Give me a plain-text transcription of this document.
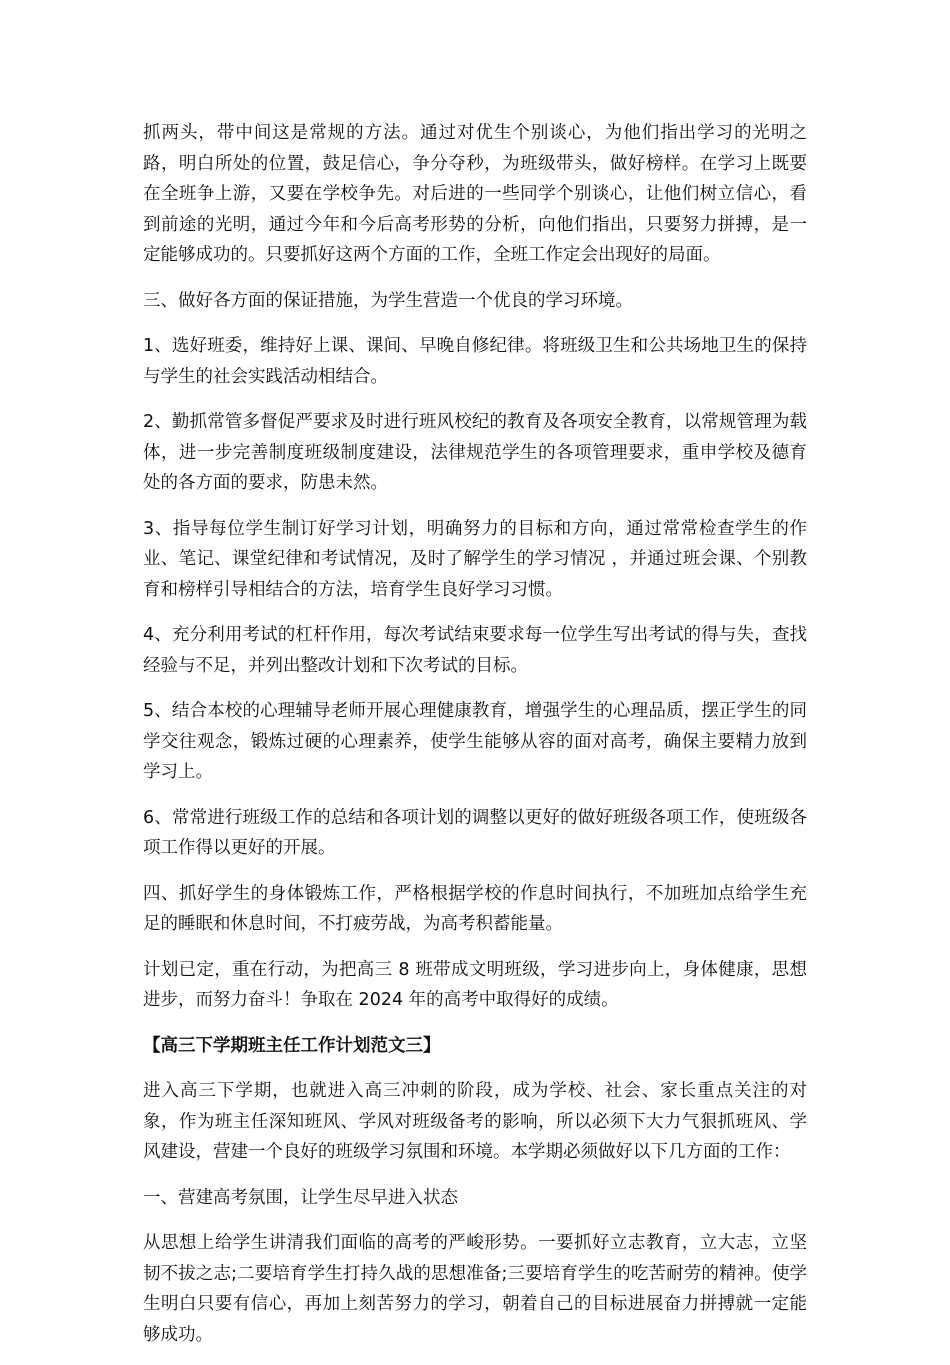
抓两头，带中间这是常规的方法。通过对优生个别谈心，为他们指出学习的光明之路，明白所处的位置，鼓足信心，争分夺秒，为班级带头，做好榜样。在学习上既要在全班争上游，又要在学校争先。对后进的一些同学个别谈心，让他们树立信心，看到前途的光明，通过今年和今后高考形势的分析，向他们指出，只要努力拼搏，是一定能够成功的。只要抓好这两个方面的工作，全班工作定会出现好的局面。

三、做好各方面的保证措施，为学生营造一个优良的学习环境。

1、选好班委，维持好上课、课间、早晚自修纪律。将班级卫生和公共场地卫生的保持与学生的社会实践活动相结合。

2、勤抓常管多督促严要求及时进行班风校纪的教育及各项安全教育，以常规管理为载体，进一步完善制度班级制度建设，法律规范学生的各项管理要求，重申学校及德育处的各方面的要求，防患未然。

3、指导每位学生制订好学习计划，明确努力的目标和方向，通过常常检查学生的作业、笔记、课堂纪律和考试情况，及时了解学生的学习情况 ，并通过班会课、个别教育和榜样引导相结合的方法，培育学生良好学习习惯。

4、充分利用考试的杠杆作用，每次考试结束要求每一位学生写出考试的得与失，查找经验与不足，并列出整改计划和下次考试的目标。

5、结合本校的心理辅导老师开展心理健康教育，增强学生的心理品质，摆正学生的同学交往观念，锻炼过硬的心理素养，使学生能够从容的面对高考，确保主要精力放到学习上。

6、常常进行班级工作的总结和各项计划的调整以更好的做好班级各项工作，使班级各项工作得以更好的开展。

四、抓好学生的身体锻炼工作，严格根据学校的作息时间执行，不加班加点给学生充足的睡眠和休息时间，不打疲劳战，为高考积蓄能量。

计划已定，重在行动，为把高三 8 班带成文明班级，学习进步向上，身体健康，思想进步，而努力奋斗！争取在 2024 年的高考中取得好的成绩。

【高三下学期班主任工作计划范文三】

进入高三下学期，也就进入高三冲刺的阶段，成为学校、社会、家长重点关注的对象，作为班主任深知班风、学风对班级备考的影响，所以必须下大力气狠抓班风、学风建设，营建一个良好的班级学习氛围和环境。本学期必须做好以下几方面的工作：

一、营建高考氛围，让学生尽早进入状态

从思想上给学生讲清我们面临的高考的严峻形势。一要抓好立志教育，立大志，立坚韧不拔之志;二要培育学生打持久战的思想准备;三要培育学生的吃苦耐劳的精神。使学生明白只要有信心，再加上刻苦努力的学习，朝着自己的目标进展奋力拼搏就一定能够成功。
